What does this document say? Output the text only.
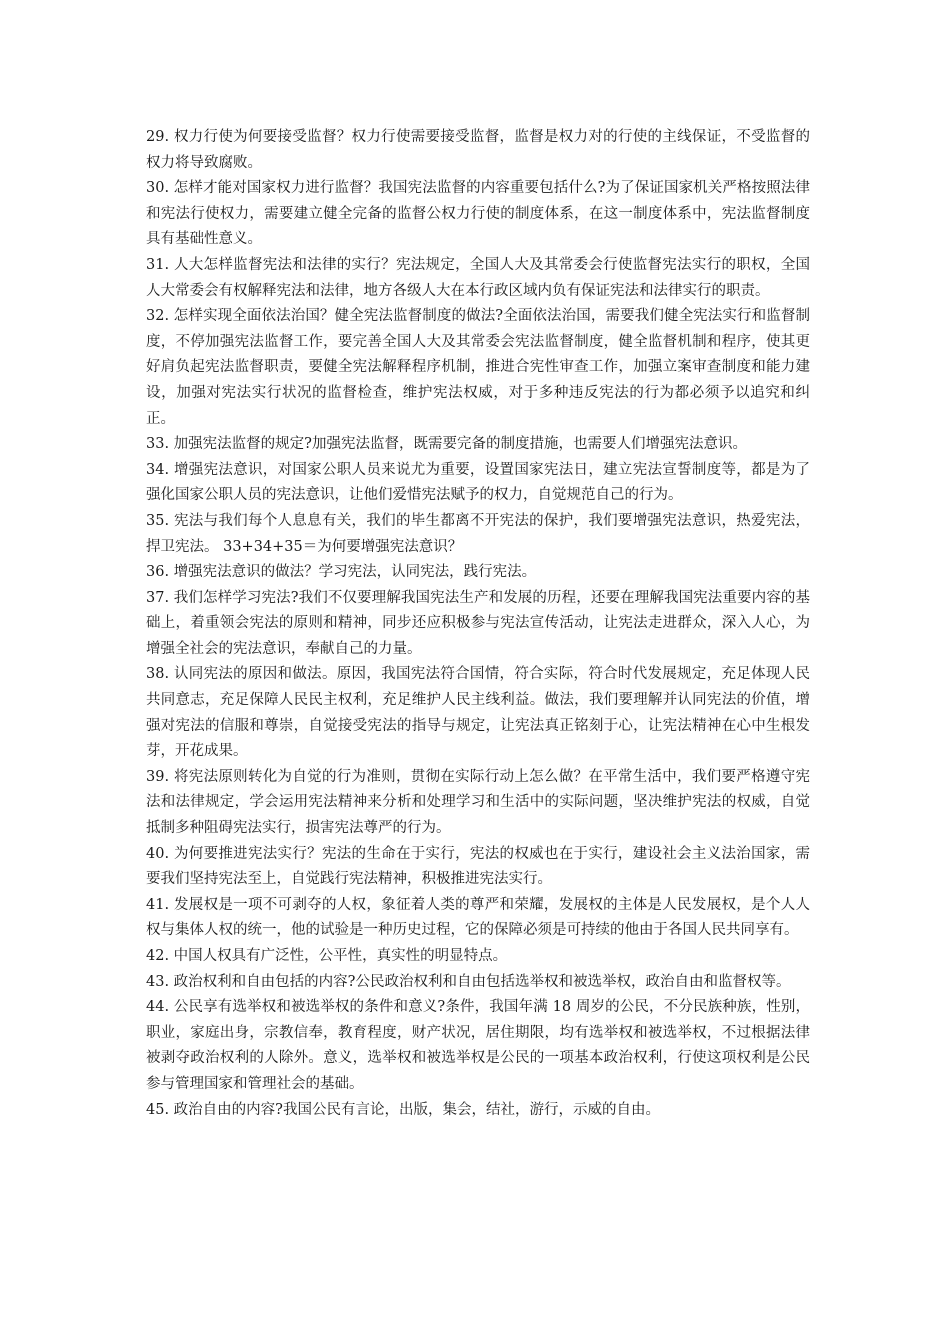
29. 权力行使为何要接受监督？权力行使需要接受监督，监督是权力对的行使的主线保证，不受监督的权力将导致腐败。

30. 怎样才能对国家权力进行监督？我国宪法监督的内容重要包括什么?为了保证国家机关严格按照法律和宪法行使权力，需要建立健全完备的监督公权力行使的制度体系，在这一制度体系中，宪法监督制度具有基础性意义。

31. 人大怎样监督宪法和法律的实行？宪法规定，全国人大及其常委会行使监督宪法实行的职权，全国人大常委会有权解释宪法和法律，地方各级人大在本行政区域内负有保证宪法和法律实行的职责。

32. 怎样实现全面依法治国？健全宪法监督制度的做法?全面依法治国，需要我们健全宪法实行和监督制度，不停加强宪法监督工作，要完善全国人大及其常委会宪法监督制度，健全监督机制和程序，使其更好肩负起宪法监督职责，要健全宪法解释程序机制，推进合宪性审查工作，加强立案审查制度和能力建设，加强对宪法实行状况的监督检查，维护宪法权威，对于多种违反宪法的行为都必须予以追究和纠正。

33. 加强宪法监督的规定?加强宪法监督，既需要完备的制度措施，也需要人们增强宪法意识。

34. 增强宪法意识，对国家公职人员来说尤为重要，设置国家宪法日，建立宪法宣誓制度等，都是为了强化国家公职人员的宪法意识，让他们爱惜宪法赋予的权力，自觉规范自己的行为。

35. 宪法与我们每个人息息有关，我们的毕生都离不开宪法的保护，我们要增强宪法意识，热爱宪法，捍卫宪法。 33+34+35＝为何要增强宪法意识？

36. 增强宪法意识的做法？学习宪法，认同宪法，践行宪法。

37. 我们怎样学习宪法?我们不仅要理解我国宪法生产和发展的历程，还要在理解我国宪法重要内容的基础上，着重领会宪法的原则和精神，同步还应积极参与宪法宣传活动，让宪法走进群众，深入人心，为增强全社会的宪法意识，奉献自己的力量。

38. 认同宪法的原因和做法。原因，我国宪法符合国情，符合实际，符合时代发展规定，充足体现人民共同意志，充足保障人民民主权利，充足维护人民主线利益。做法，我们要理解并认同宪法的价值，增强对宪法的信服和尊崇，自觉接受宪法的指导与规定，让宪法真正铭刻于心，让宪法精神在心中生根发芽，开花成果。

39. 将宪法原则转化为自觉的行为准则，贯彻在实际行动上怎么做？在平常生活中，我们要严格遵守宪法和法律规定，学会运用宪法精神来分析和处理学习和生活中的实际问题，坚决维护宪法的权威，自觉抵制多种阻碍宪法实行，损害宪法尊严的行为。

40. 为何要推进宪法实行？宪法的生命在于实行，宪法的权威也在于实行，建设社会主义法治国家，需要我们坚持宪法至上，自觉践行宪法精神，积极推进宪法实行。

41. 发展权是一项不可剥夺的人权，象征着人类的尊严和荣耀，发展权的主体是人民发展权，是个人人权与集体人权的统一，他的试验是一种历史过程，它的保障必须是可持续的他由于各国人民共同享有。

42. 中国人权具有广泛性，公平性，真实性的明显特点。

43. 政治权利和自由包括的内容?公民政治权利和自由包括选举权和被选举权，政治自由和监督权等。

44. 公民享有选举权和被选举权的条件和意义?条件，我国年满 18 周岁的公民，不分民族种族，性别，职业，家庭出身，宗教信奉，教育程度，财产状况，居住期限，均有选举权和被选举权，不过根据法律被剥夺政治权利的人除外。意义，选举权和被选举权是公民的一项基本政治权利，行使这项权利是公民参与管理国家和管理社会的基础。

45. 政治自由的内容?我国公民有言论，出版，集会，结社，游行，示威的自由。
